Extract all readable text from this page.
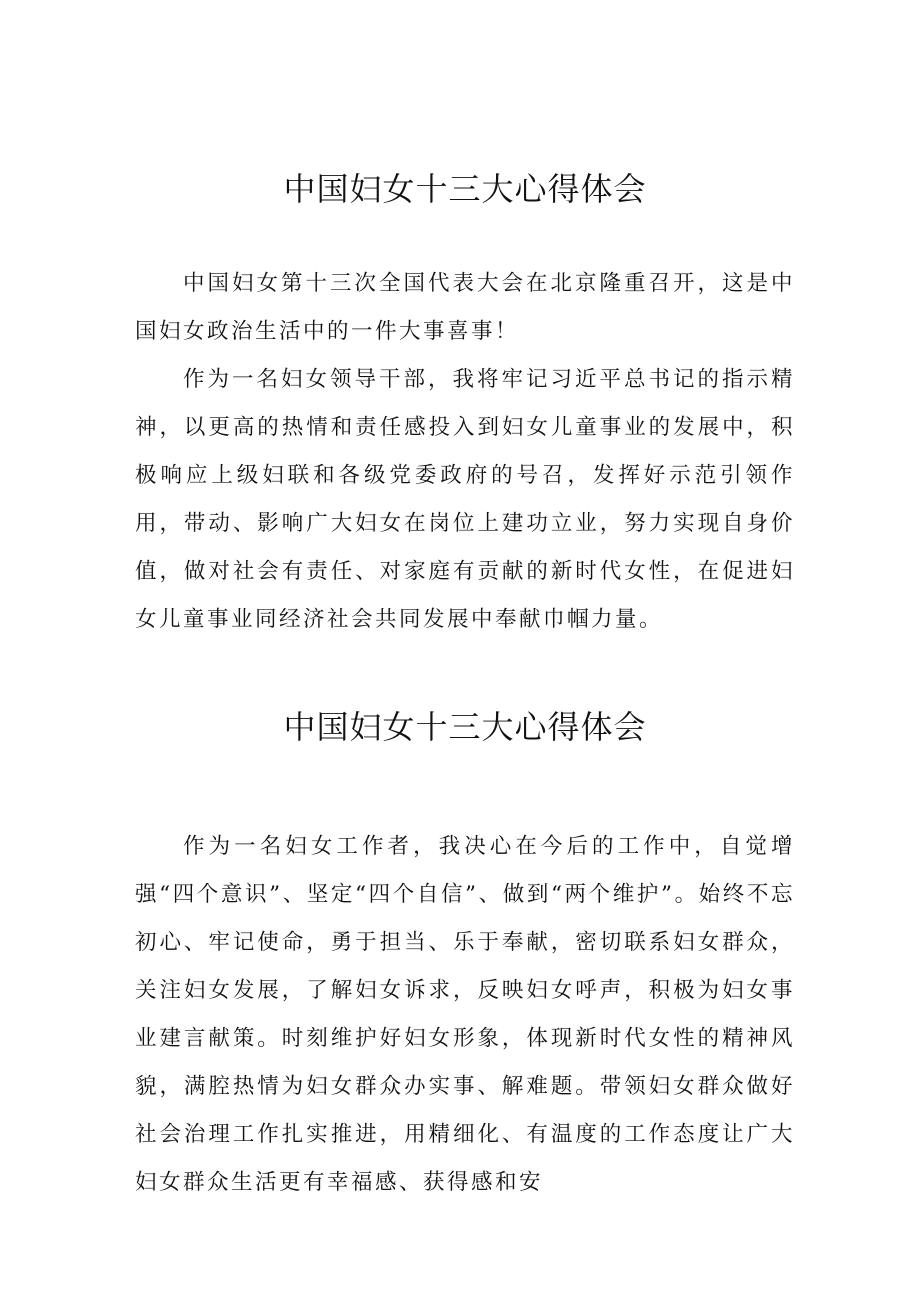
中国妇女十三大心得体会

中国妇女第十三次全国代表大会在北京隆重召开，这是中国妇女政治生活中的一件大事喜事！

作为一名妇女领导干部，我将牢记习近平总书记的指示精神，以更高的热情和责任感投入到妇女儿童事业的发展中，积极响应上级妇联和各级党委政府的号召，发挥好示范引领作用，带动、影响广大妇女在岗位上建功立业，努力实现自身价值，做对社会有责任、对家庭有贡献的新时代女性，在促进妇女儿童事业同经济社会共同发展中奉献巾帼力量。

中国妇女十三大心得体会

作为一名妇女工作者，我决心在今后的工作中，自觉增强“四个意识”、坚定“四个自信”、做到“两个维护”。始终不忘初心、牢记使命，勇于担当、乐于奉献，密切联系妇女群众，关注妇女发展，了解妇女诉求，反映妇女呼声，积极为妇女事业建言献策。时刻维护好妇女形象，体现新时代女性的精神风貌，满腔热情为妇女群众办实事、解难题。带领妇女群众做好社会治理工作扎实推进，用精细化、有温度的工作态度让广大妇女群众生活更有幸福感、获得感和安
